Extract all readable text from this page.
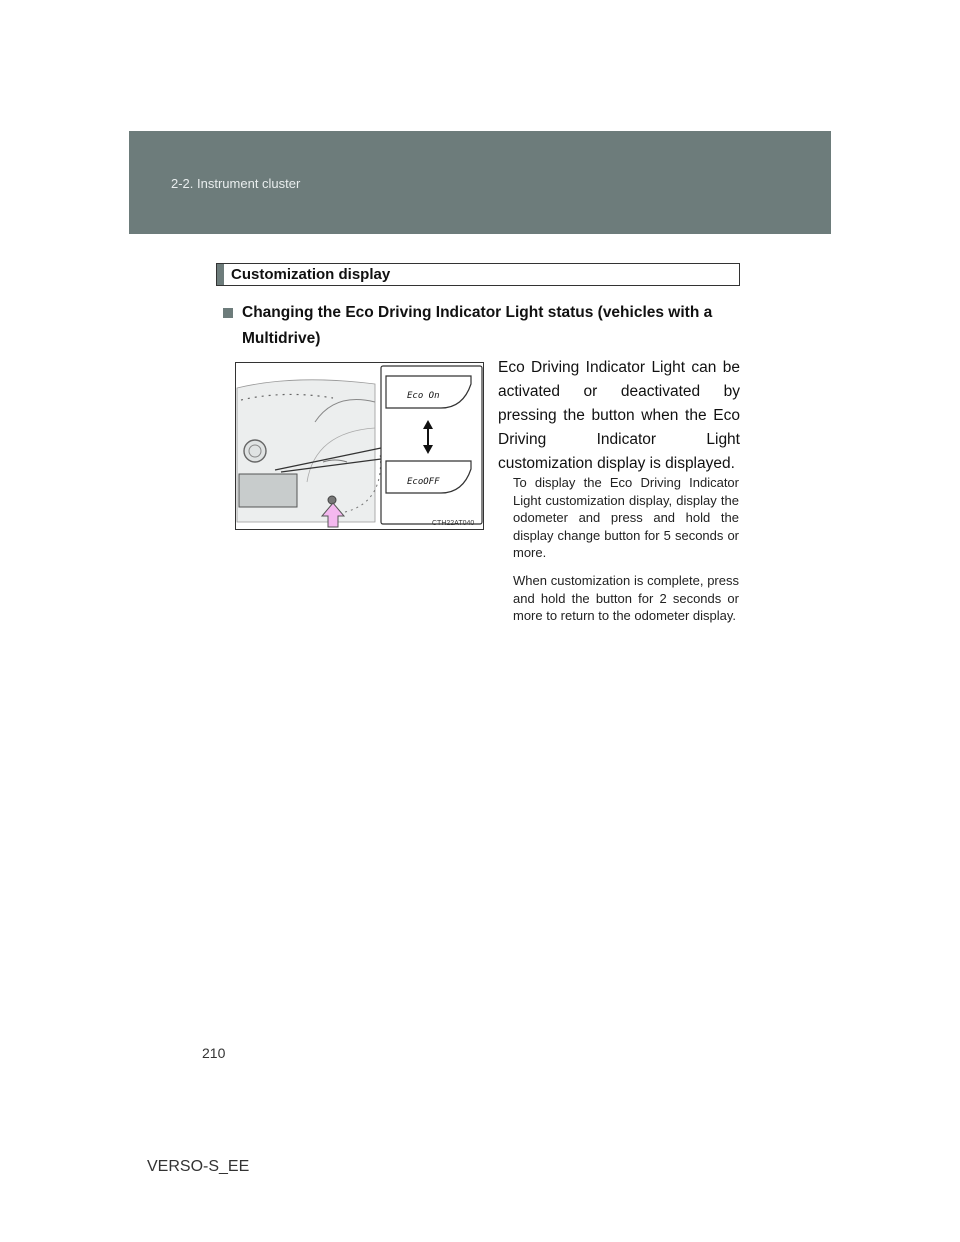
2-2. Instrument cluster
Customization display
Changing the Eco Driving Indicator Light status (vehicles with a Multidrive)
Eco Driving Indicator Light can be activated or deactivated by pressing the button when the Eco Driving Indicator Light customization display is displayed.
To display the Eco Driving Indicator Light customization display, display the odometer and press and hold the display change button for 5 seconds or more.
When customization is complete, press and hold the button for 2 seconds or more to return to the odometer display.
Eco On
EcoOFF
CTH22AT040
210
VERSO-S_EE
